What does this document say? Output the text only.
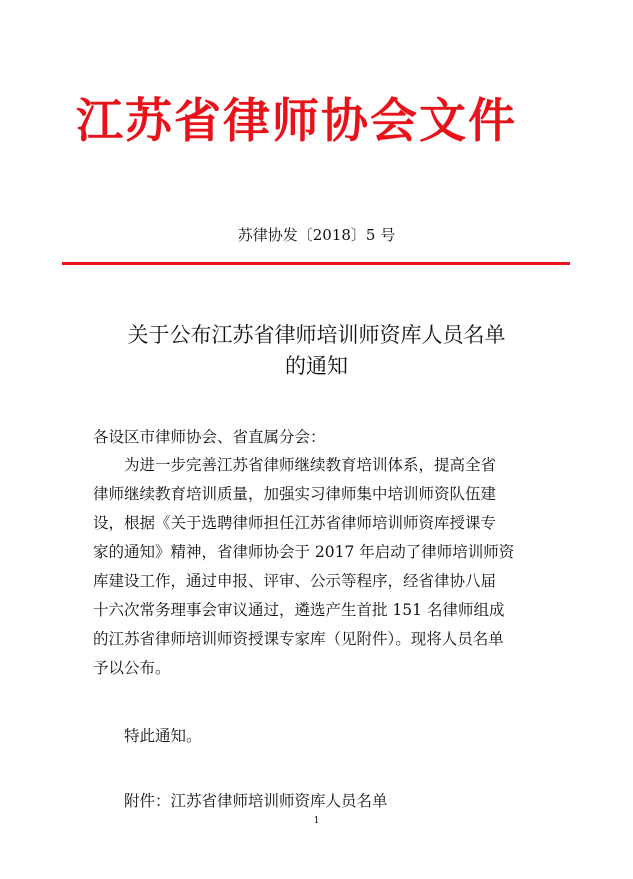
江苏省律师协会文件
苏律协发〔2018〕5 号
关于公布江苏省律师培训师资库人员名单
的通知
各设区市律师协会、省直属分会：
为进一步完善江苏省律师继续教育培训体系，提高全省
律师继续教育培训质量，加强实习律师集中培训师资队伍建
设，根据《关于选聘律师担任江苏省律师培训师资库授课专
家的通知》精神，省律师协会于 2017 年启动了律师培训师资
库建设工作，通过申报、评审、公示等程序，经省律协八届
十六次常务理事会审议通过，遴选产生首批 151 名律师组成
的江苏省律师培训师资授课专家库（见附件）。现将人员名单
予以公布。
特此通知。
附件：江苏省律师培训师资库人员名单
1
